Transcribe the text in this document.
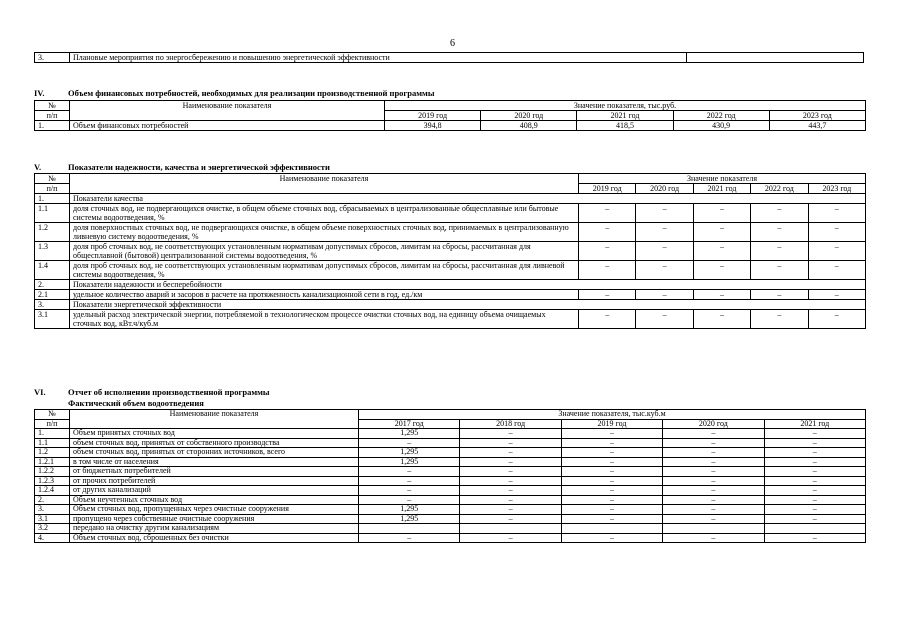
6
3.	Плановые мероприятия по энергосбережению и повышению энергетической эффективности	
IV.	Объем финансовых потребностей, необходимых для реализации производственной программы
№	Наименование показателя	Значение показателя, тыс.руб.				
п/п		2019 год	2020 год	2021 год	2022 год	2023 год
1.	Объем финансовых потребностей	394,8	408,9	418,5	430,9	443,7
V.	Показатели надежности, качества и энергетической эффективности
№	Наименование показателя	Значение показателя				
п/п		2019 год	2020 год	2021 год	2022 год	2023 год
1.	Показатели качества					
1.1	доля сточных вод, не подвергающихся очистке, в общем объеме сточных вод, сбрасываемых в централизованные общесплавные или бытовые системы водоотведения, %	–	–	–	–	–
1.2	доля поверхностных сточных вод, не подвергающихся очистке, в общем объеме поверхностных сточных вод, принимаемых в централизованную ливневую систему водоотведения, %	–	–	–	–	–
1.3	доля проб сточных вод, не соответствующих установленным нормативам допустимых сбросов, лимитам на сбросы, рассчитанная для общесплавной (бытовой) централизованной системы водоотведения, %	–	–	–	–	–
1.4	доля проб сточных вод, не соответствующих установленным нормативам допустимых сбросов, лимитам на сбросы, рассчитанная для ливневой системы водоотведения, %	–	–	–	–	–
2.	Показатели надежности и бесперебойности					
2.1	удельное количество аварий и засоров в расчете на протяженность канализационной сети в год, ед./км	–	–	–	–	–
3.	Показатели энергетической эффективности					
3.1	удельный расход электрической энергии, потребляемой в технологическом процессе очистки сточных вод, на единицу объема очищаемых сточных вод, кВт.ч/куб.м	–	–	–	–	–
VI.	Отчет об исполнении производственной программы
Фактический объем водоотведения
№	Наименование показателя	Значение показателя, тыс.куб.м				
п/п		2017 год	2018 год	2019 год	2020 год	2021 год
1.	Объем принятых сточных вод	1,295	–	–	–	–
1.1	объем сточных вод, принятых от собственного производства	–	–	–	–	–
1.2	объем сточных вод, принятых от сторонних источников, всего	1,295	–	–	–	–
1.2.1	в том числе от населения	1,295	–	–	–	–
1.2.2	от бюджетных потребителей	–	–	–	–	–
1.2.3	от прочих потребителей	–	–	–	–	–
1.2.4	от других канализаций	–	–	–	–	–
2.	Объем неучтенных сточных вод	–	–	–	–	–
3.	Объем сточных вод, пропущенных через очистные сооружения	1,295	–	–	–	–
3.1	пропущено через собственные очистные сооружения	1,295	–	–	–	–
3.2	передано на очистку другим канализациям					
4.	Объем сточных вод, сброшенных без очистки	–	–	–	–	–
